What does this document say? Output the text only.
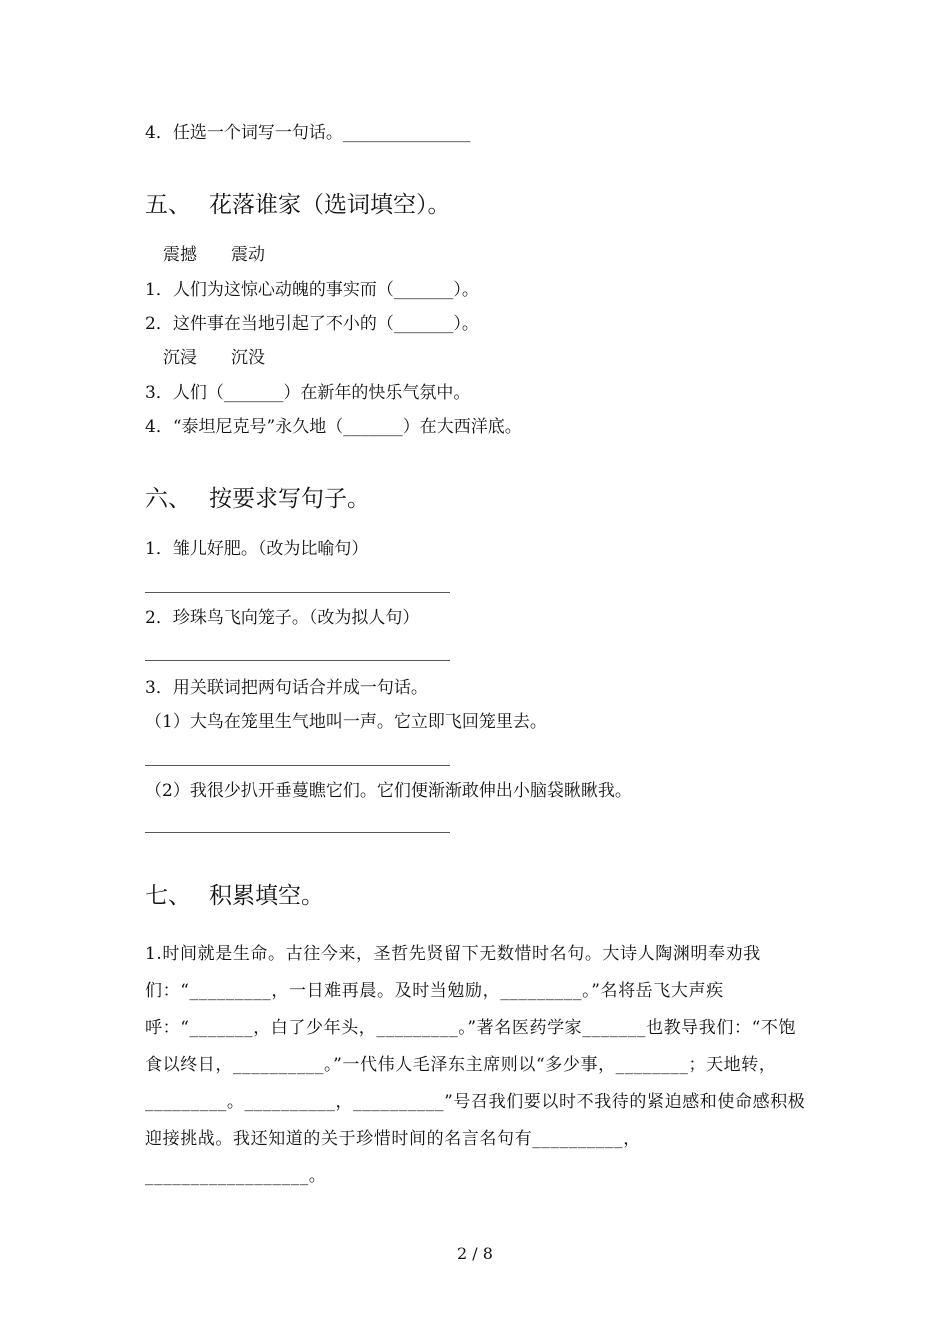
4．任选一个词写一句话。_______________
五、 花落谁家（选词填空）。
震撼　　震动
1．人们为这惊心动魄的事实而（_______）。
2．这件事在当地引起了不小的（_______）。
沉浸　　沉没
3．人们（_______）在新年的快乐气氛中。
4．“泰坦尼克号”永久地（_______）在大西洋底。
六、 按要求写句子。
1．雏儿好肥。（改为比喻句）
2．珍珠鸟飞向笼子。（改为拟人句）
3．用关联词把两句话合并成一句话。
（1）大鸟在笼里生气地叫一声。它立即飞回笼里去。
（2）我很少扒开垂蔓瞧它们。它们便渐渐敢伸出小脑袋瞅瞅我。
七、 积累填空。
1.时间就是生命。古往今来，圣哲先贤留下无数惜时名句。大诗人陶渊明奉劝我们：“_________，一日难再晨。及时当勉励，_________。”名将岳飞大声疾呼：“_______，白了少年头，_________。”著名医药学家_______也教导我们：“不饱食以终日，__________。”一代伟人毛泽东主席则以“多少事，________；天地转，_________。__________，__________”号召我们要以时不我待的紧迫感和使命感积极迎接挑战。我还知道的关于珍惜时间的名言名句有__________，__________________。
2 / 8
